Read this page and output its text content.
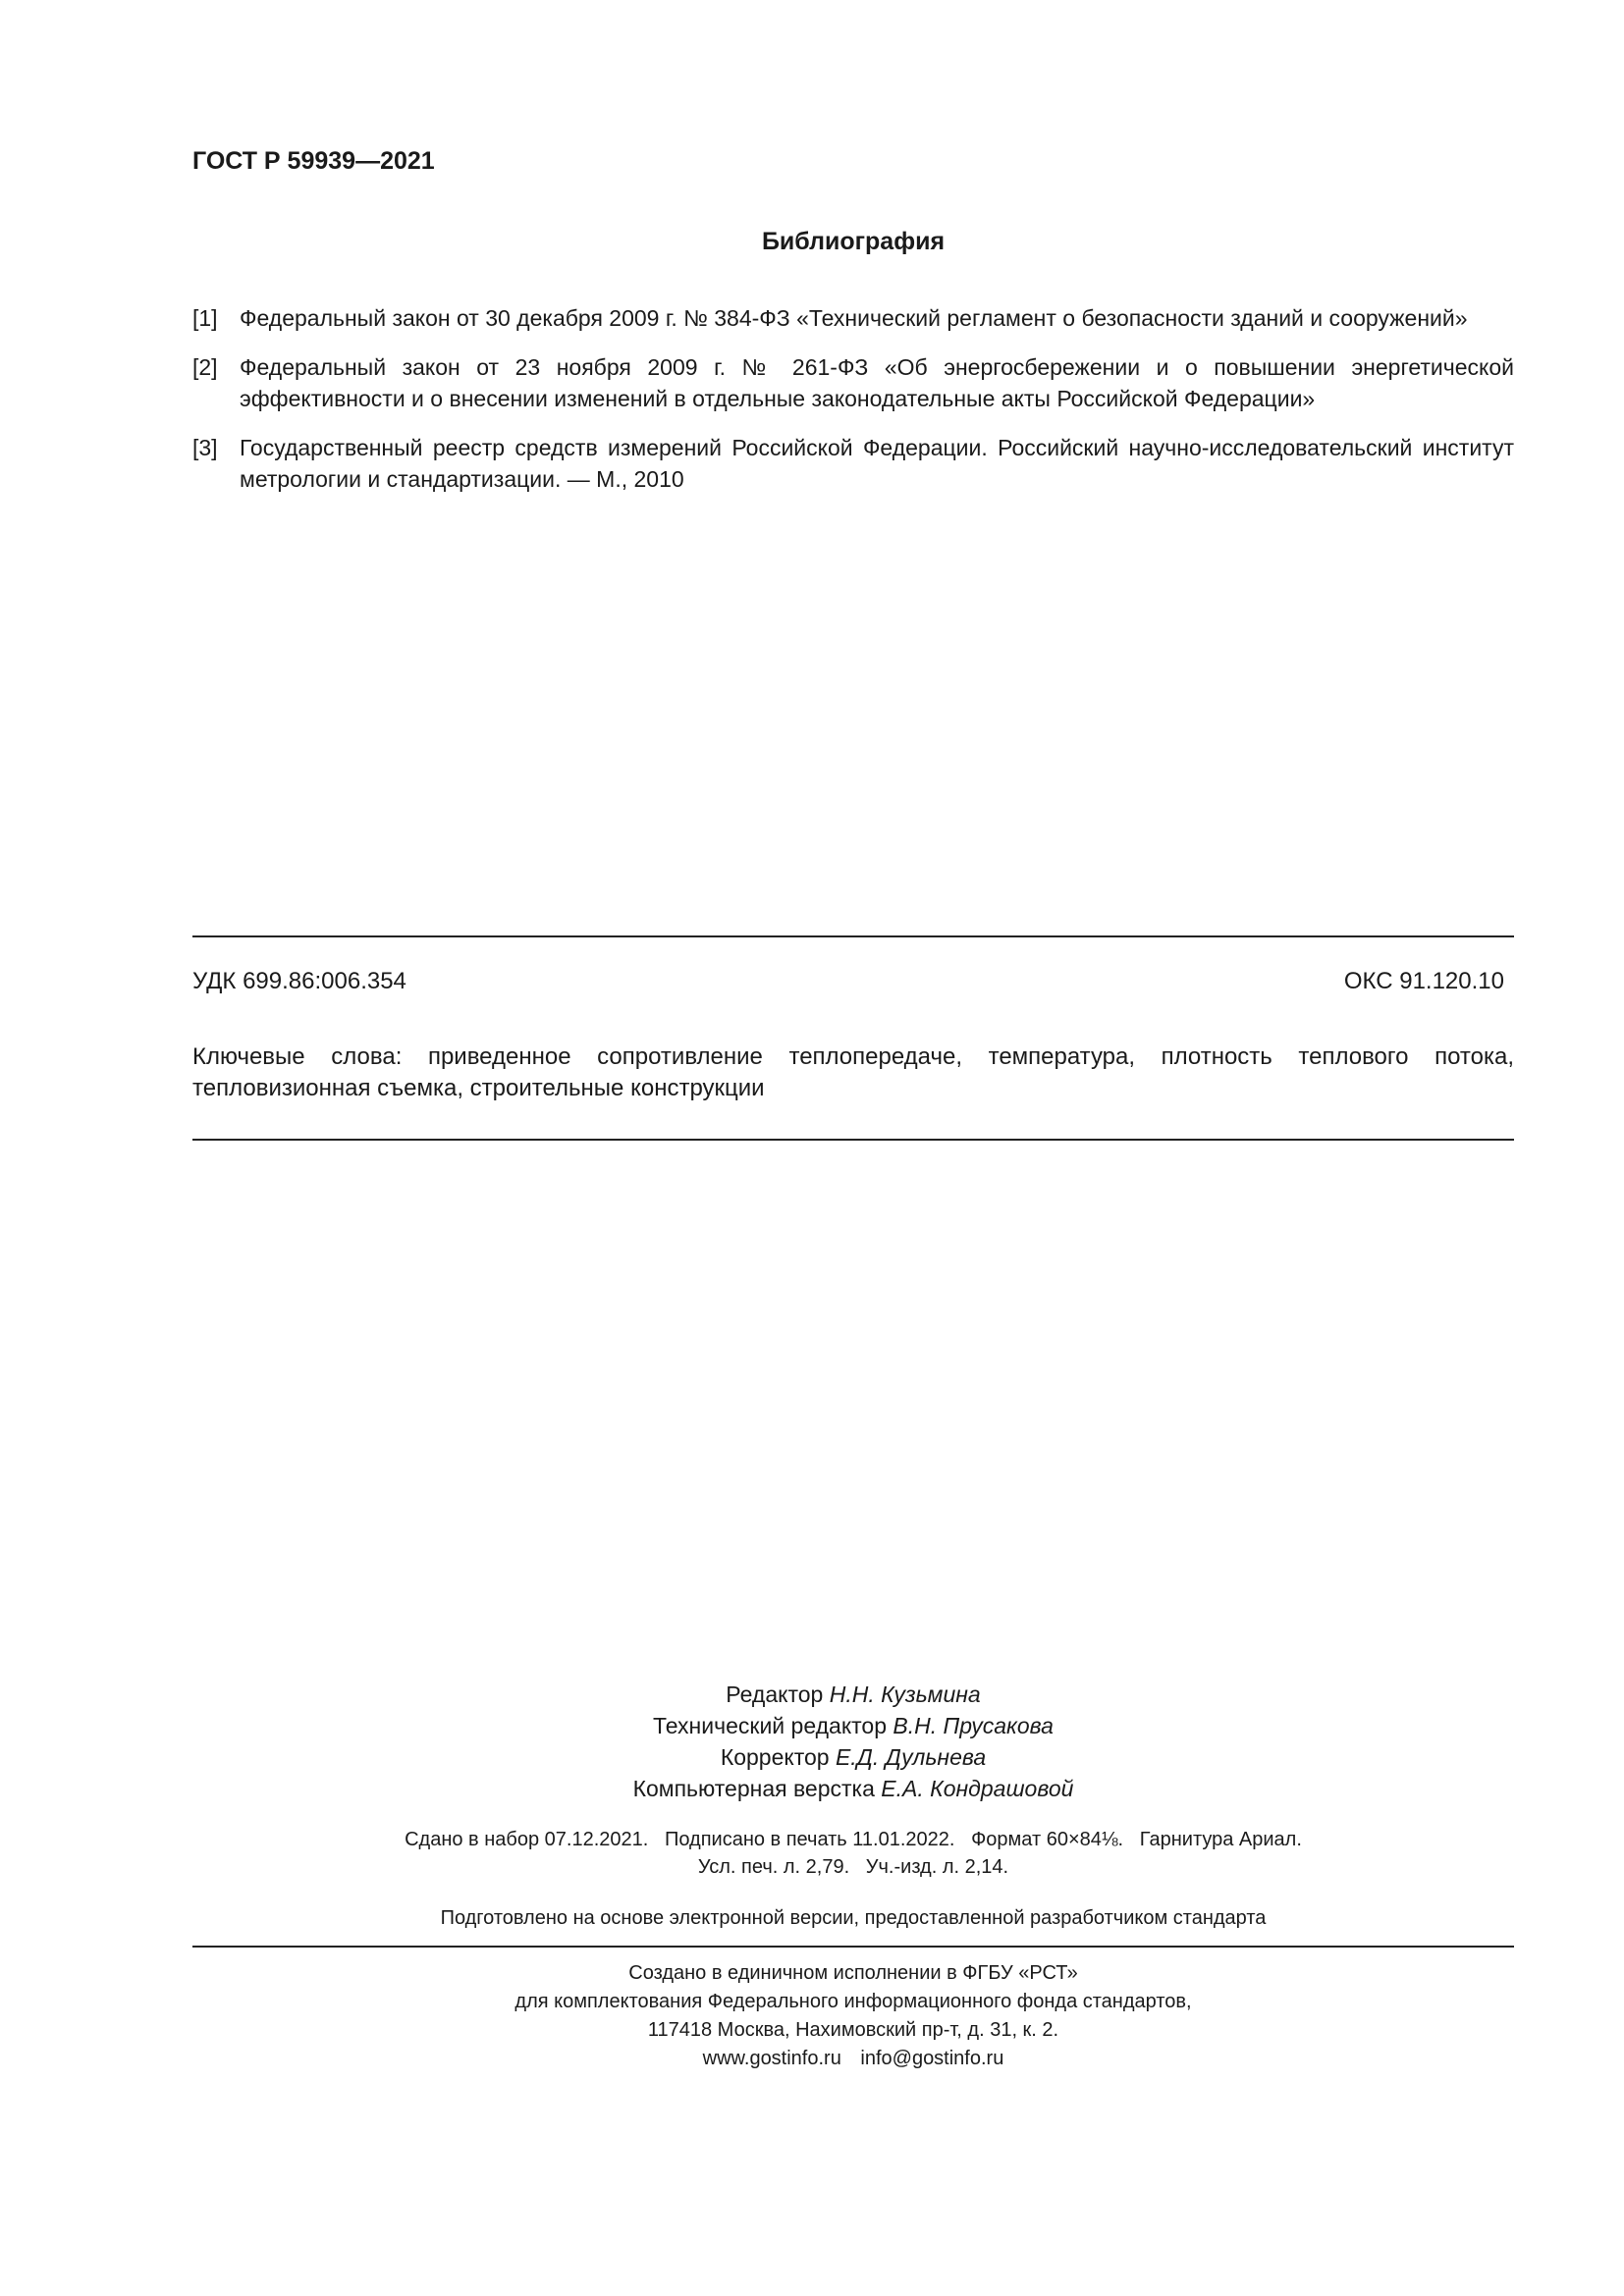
ГОСТ Р 59939—2021
Библиография
[1] Федеральный закон от 30 декабря 2009 г. № 384-ФЗ «Технический регламент о безопасности зданий и сооружений»
[2] Федеральный закон от 23 ноября 2009 г. № 261-ФЗ «Об энергосбережении и о повышении энергетической эффективности и о внесении изменений в отдельные законодательные акты Российской Федерации»
[3] Государственный реестр средств измерений Российской Федерации. Российский научно-исследовательский институт метрологии и стандартизации. — М., 2010
УДК 699.86:006.354	ОКС 91.120.10
Ключевые слова: приведенное сопротивление теплопередаче, температура, плотность теплового потока, тепловизионная съемка, строительные конструкции
Редактор Н.Н. Кузьмина
Технический редактор В.Н. Прусакова
Корректор Е.Д. Дульнева
Компьютерная верстка Е.А. Кондрашовой
Сдано в набор 07.12.2021.   Подписано в печать 11.01.2022.   Формат 60×84⅛.   Гарнитура Ариал.
Усл. печ. л. 2,79.   Уч.-изд. л. 2,14.
Подготовлено на основе электронной версии, предоставленной разработчиком стандарта
Создано в единичном исполнении в ФГБУ «РСТ»
для комплектования Федерального информационного фонда стандартов,
117418 Москва, Нахимовский пр-т, д. 31, к. 2.
www.gostinfo.ru info@gostinfo.ru
